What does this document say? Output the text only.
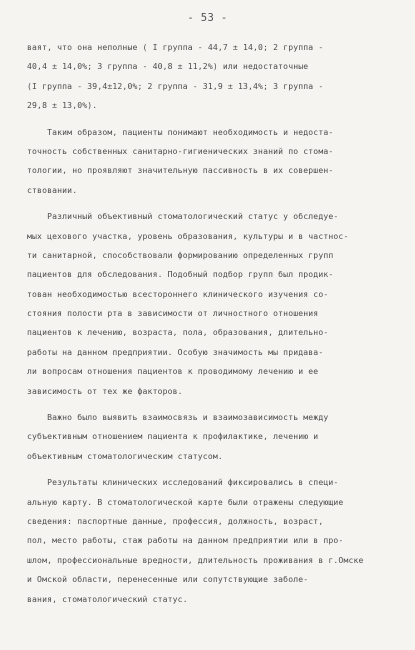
- 53 -
ваят, что она неполные ( I группа - 44,7 ± 14,0; 2 группа -
40,4 ± 14,0%; 3 группа - 40,8 ± 11,2%) или недостаточные
(I группа - 39,4±12,0%; 2 группа - 31,9 ± 13,4%; 3 группа -
29,8 ± 13,0%).
Таким образом, пациенты понимают необходимость и недоста-
точность собственных санитарно-гигиенических знаний по стома-
тологии, но проявляют значительную пассивность в их совершен-
ствовании.
Различный объективный стоматологический статус у обследуе-
мых цехового участка, уровень образования, культуры и в частнос-
ти санитарной, способствовали формированию определенных групп
пациентов для обследования. Подобный подбор групп был продик-
тован необходимостью всестороннего клинического изучения со-
стояния полости рта в зависимости от личностного отношения
пациентов к лечению, возраста, пола, образования, длительно-
работы на данном предприятии. Особую значимость мы придава-
ли вопросам отношения пациентов к проводимому лечению и ее
зависимость от тех же факторов.
Важно было выявить взаимосвязь и взаимозависимость между
субъективным отношением пациента к профилактике, лечению и
объективным стоматологическим статусом.
Результаты клинических исследований фиксировались в специ-
альную карту. В стоматологической карте были отражены следующие
сведения: паспортные данные, профессия, должность, возраст,
пол, место работы, стаж работы на данном предприятии или в про-
шлом, профессиональные вредности, длительность проживания в г.Омске
и Омской области, перенесенные или сопутствующие заболе-
вания, стоматологический статус.
